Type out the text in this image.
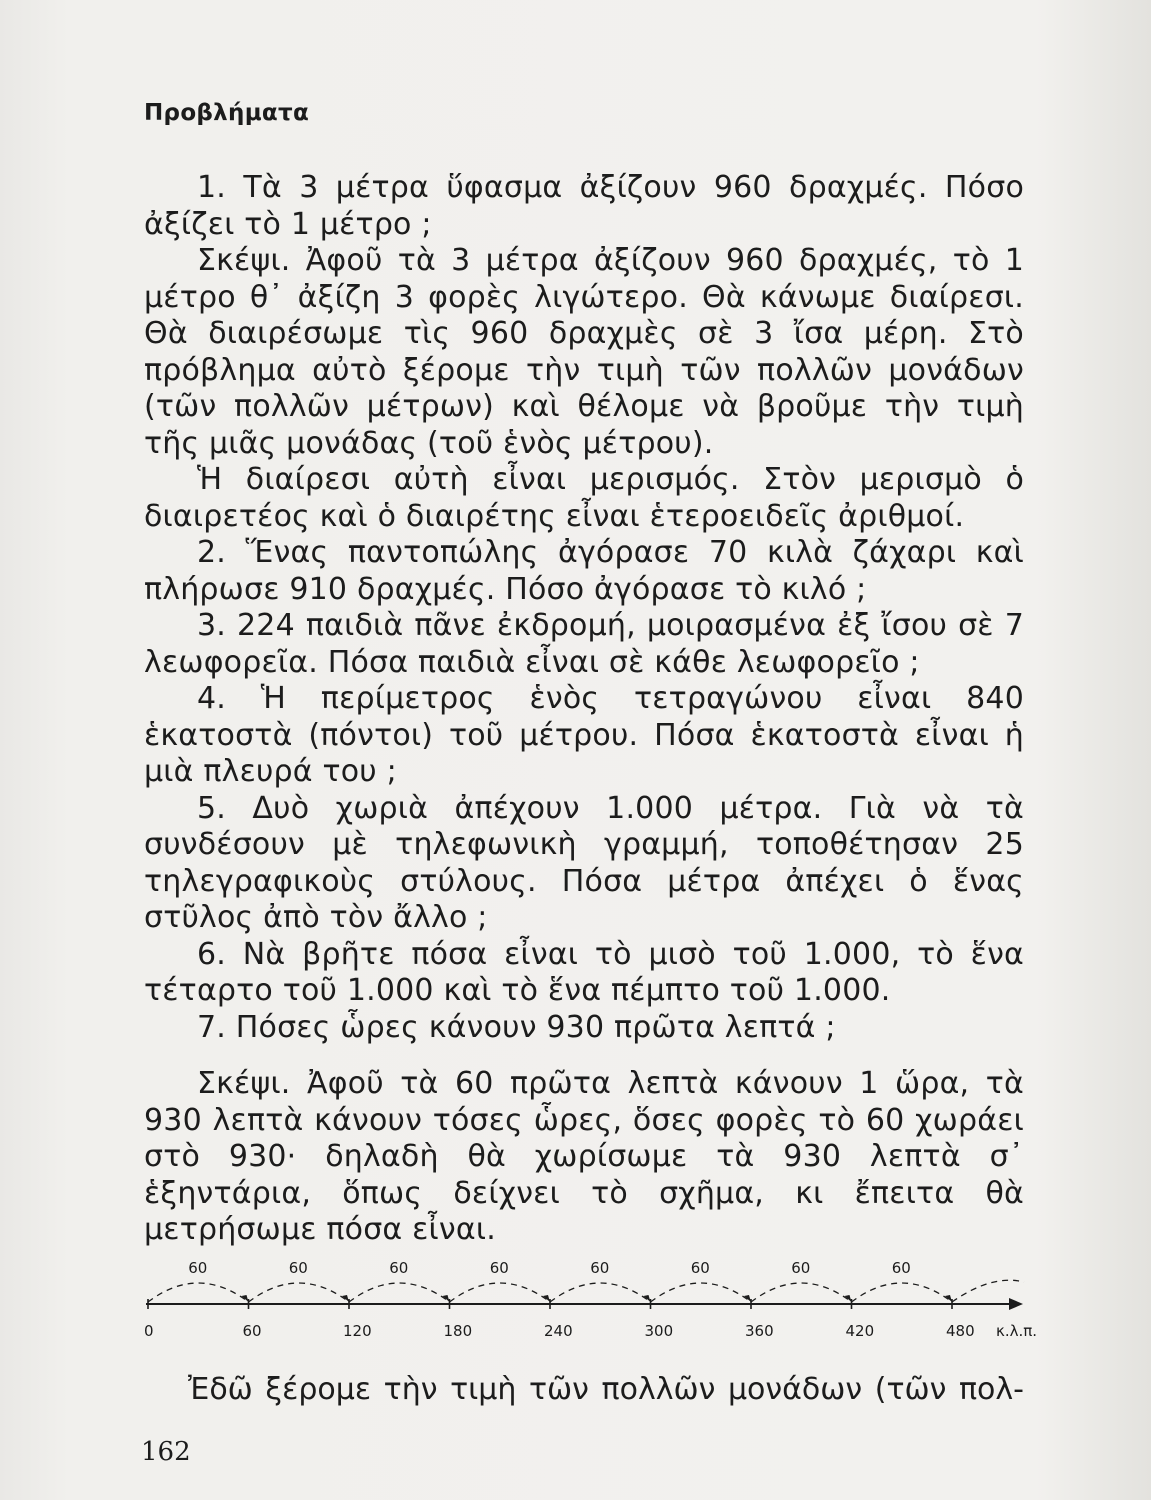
Προβλήματα

1. Τὰ 3 μέτρα ὕφασμα ἀξίζουν 960 δραχμές. Πόσο ἀξίζει τὸ 1 μέτρο ;

Σκέψι. Ἀφοῦ τὰ 3 μέτρα ἀξίζουν 960 δραχμές, τὸ 1 μέτρο θ᾿ ἀξίζη 3 φορὲς λιγώτερο. Θὰ κάνωμε διαίρεσι. Θὰ διαιρέσωμε τὶς 960 δραχμὲς σὲ 3 ἴσα μέρη. Στὸ πρόβλημα αὐτὸ ξέρομε τὴν τιμὴ τῶν πολλῶν μονάδων (τῶν πολλῶν μέτρων) καὶ θέλομε νὰ βροῦμε τὴν τιμὴ τῆς μιᾶς μονάδας (τοῦ ἑνὸς μέτρου).

Ἡ διαίρεσι αὐτὴ εἶναι μερισμός. Στὸν μερισμὸ ὁ διαιρετέος καὶ ὁ διαιρέτης εἶναι ἑτεροειδεῖς ἀριθμοί.

2. Ἕνας παντοπώλης ἀγόρασε 70 κιλὰ ζάχαρι καὶ πλήρωσε 910 δραχμές. Πόσο ἀγόρασε τὸ κιλό ;

3. 224 παιδιὰ πᾶνε ἐκδρομή, μοιρασμένα ἐξ ἴσου σὲ 7 λεωφορεῖα. Πόσα παιδιὰ εἶναι σὲ κάθε λεωφορεῖο ;

4. Ἡ περίμετρος ἑνὸς τετραγώνου εἶναι 840 ἑκατοστὰ (πόντοι) τοῦ μέτρου. Πόσα ἑκατοστὰ εἶναι ἡ μιὰ πλευρά του ;

5. Δυὸ χωριὰ ἀπέχουν 1.000 μέτρα. Γιὰ νὰ τὰ συνδέσουν μὲ τηλεφωνικὴ γραμμή, τοποθέτησαν 25 τηλεγραφικοὺς στύλους. Πόσα μέτρα ἀπέχει ὁ ἕνας στῦλος ἀπὸ τὸν ἄλλο ;

6. Νὰ βρῆτε πόσα εἶναι τὸ μισὸ τοῦ 1.000, τὸ ἕνα τέταρτο τοῦ 1.000 καὶ τὸ ἕνα πέμπτο τοῦ 1.000.

7. Πόσες ὧρες κάνουν 930 πρῶτα λεπτά ;

Σκέψι. Ἀφοῦ τὰ 60 πρῶτα λεπτὰ κάνουν 1 ὥρα, τὰ 930 λεπτὰ κάνουν τόσες ὧρες, ὅσες φορὲς τὸ 60 χωράει στὸ 930· δηλαδὴ θὰ χωρίσωμε τὰ 930 λεπτὰ σ᾿ ἑξηντάρια, ὅπως δείχνει τὸ σχῆμα, κι ἔπειτα θὰ μετρήσωμε πόσα εἶναι.

60	60	60	60	60	60	60	60
0	60	120	180	240	300	360	420	480 κ.λ.π.

Ἐδῶ ξέρομε τὴν τιμὴ τῶν πολλῶν μονάδων (τῶν πολ-

162
